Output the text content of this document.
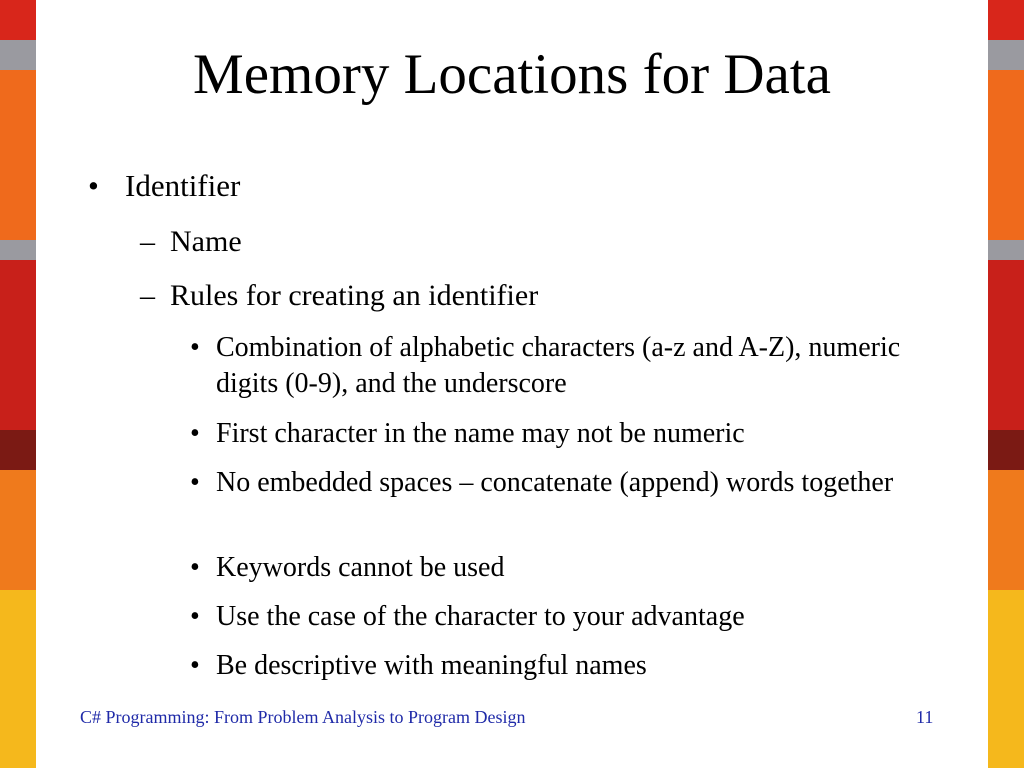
Memory Locations for Data
• Identifier
– Name
– Rules for creating an identifier
• Combination of alphabetic characters (a-z and A-Z), numeric digits (0-9), and the underscore
• First character in the name may not be numeric
• No embedded spaces – concatenate (append) words together
• Keywords cannot be used
• Use the case of the character to your advantage
• Be descriptive with meaningful names
C# Programming: From Problem Analysis to Program Design	11
